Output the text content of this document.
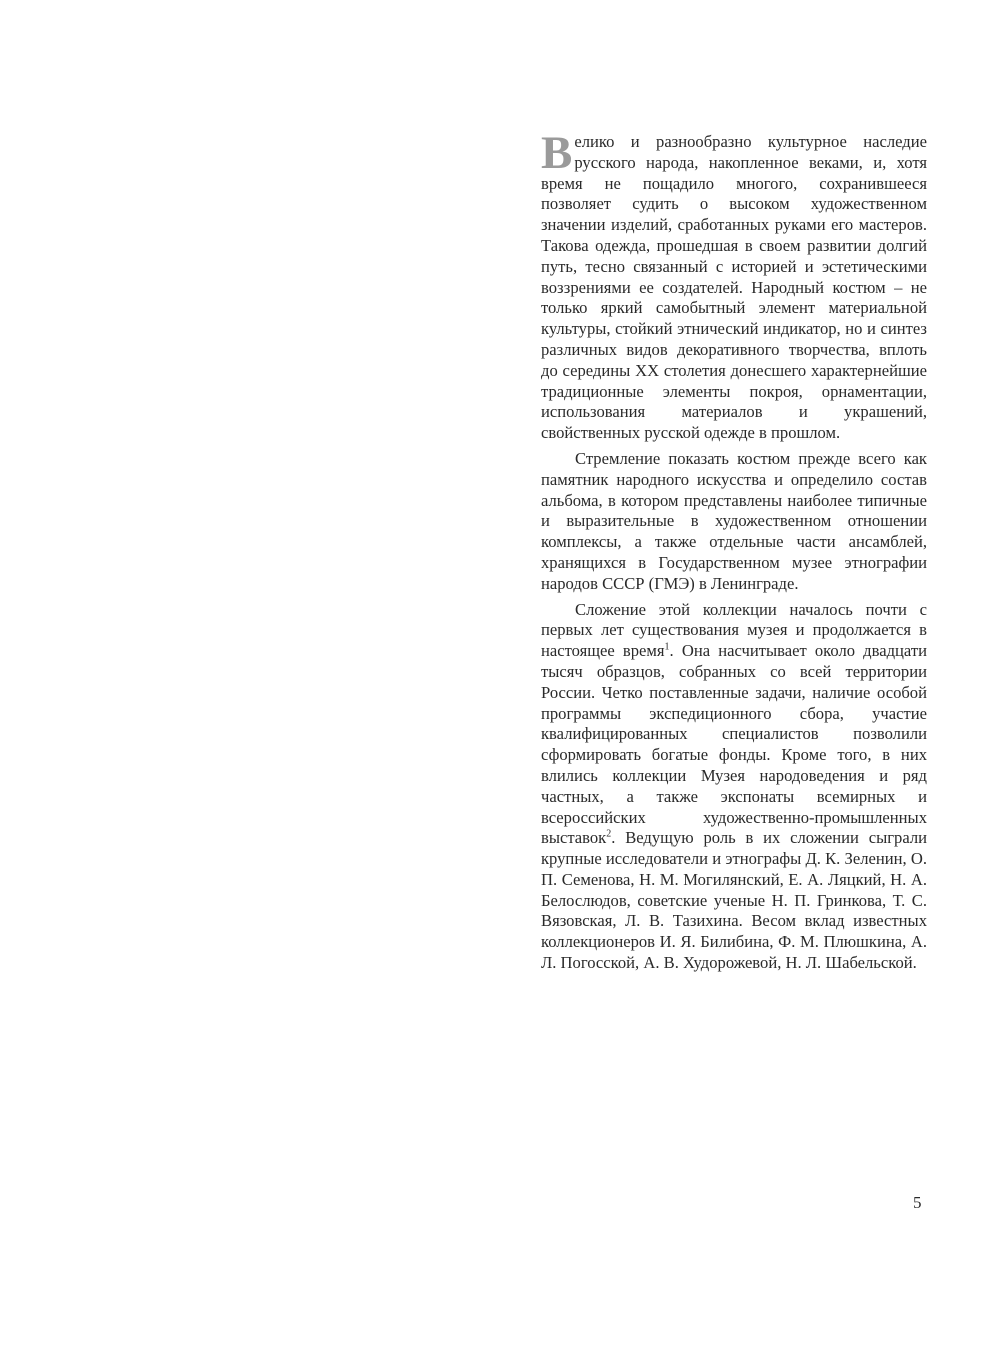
Велико и разнообразно культурное наследие русского народа, накопленное веками, и, хотя время не пощадило многого, сохранившееся позволяет судить о высоком художественном значении изделий, сработанных руками его мастеров. Такова одежда, прошедшая в своем развитии долгий путь, тесно связанный с историей и эстетическими воззрениями ее создателей. Народный костюм – не только яркий самобытный элемент материальной культуры, стойкий этнический индикатор, но и синтез различных видов декоративного творчества, вплоть до середины XX столетия донесшего характернейшие традиционные элементы покроя, орнаментации, использования материалов и украшений, свойственных русской одежде в прошлом.

Стремление показать костюм прежде всего как памятник народного искусства и определило состав альбома, в котором представлены наиболее типичные и выразительные в художественном отношении комплексы, а также отдельные части ансамблей, хранящихся в Государственном музее этнографии народов СССР (ГМЭ) в Ленинграде.

Сложение этой коллекции началось почти с первых лет существования музея и продолжается в настоящее время$^1$. Она насчитывает около двадцати тысяч образцов, собранных со всей территории России. Четко поставленные задачи, наличие особой программы экспедиционного сбора, участие квалифицированных специалистов позволили сформировать богатые фонды. Кроме того, в них влились коллекции Музея народоведения и ряд частных, а также экспонаты всемирных и всероссийских художественно-промышленных выставок$^2$. Ведущую роль в их сложении сыграли крупные исследователи и этнографы Д. К. Зеленин, О. П. Семенова, Н. М. Могилянский, Е. А. Ляцкий, Н. А. Белослюдов, советские ученые Н. П. Гринкова, Т. С. Вязовская, Л. В. Тазихина. Весом вклад известных коллекционеров И. Я. Билибина, Ф. М. Плюшкина, А. Л. Погосской, А. В. Худорожевой, Н. Л. Шабельской.

5
